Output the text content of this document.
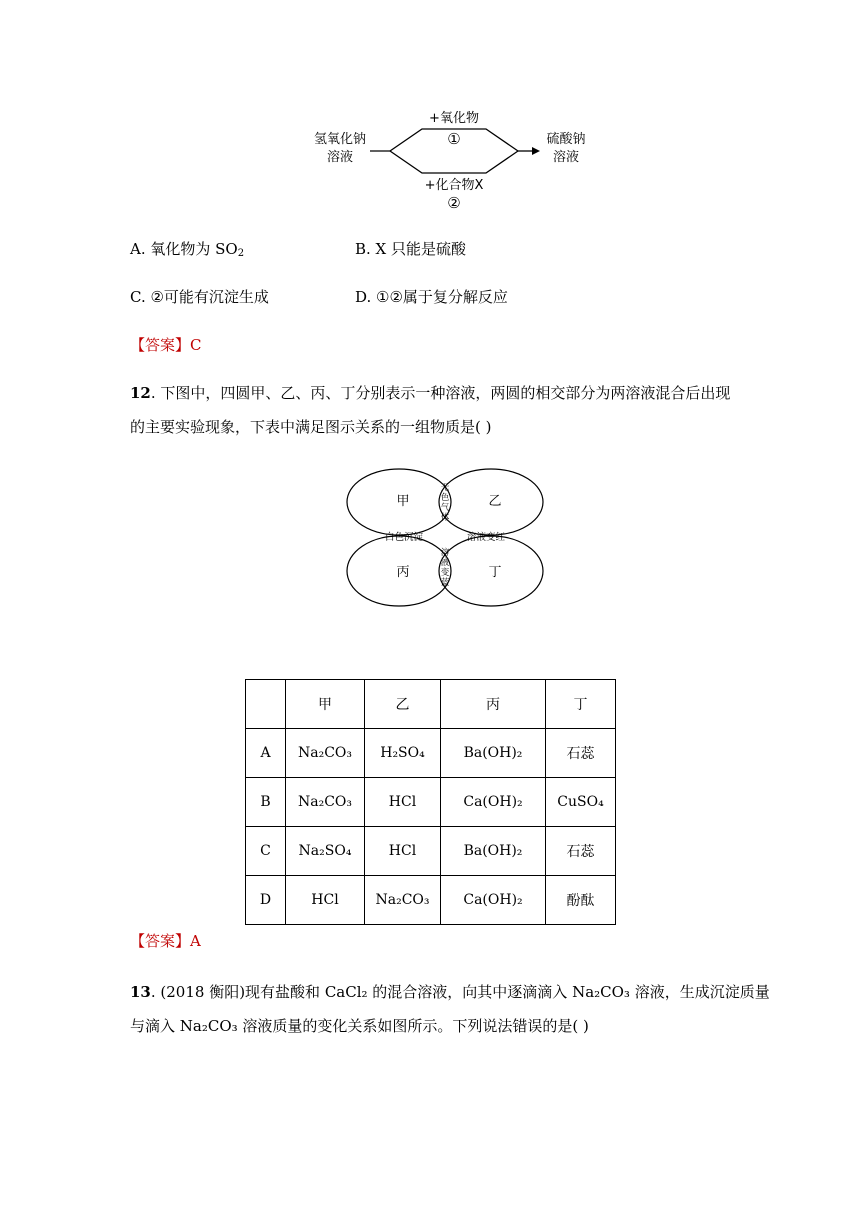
氢氧化钠
溶液
+氧化物
①
+化合物X
②
硫酸钠
溶液
A. 氧化物为 $SO_2$	B. X 只能是硫酸
C. ②可能有沉淀生成	D. ①②属于复分解反应
【答案】C
12. 下图中，四圆甲、乙、丙、丁分别表示一种溶液，两圆的相交部分为两溶液混合后出现
的主要实验现象，下表中满足图示关系的一组物质是( )
甲	乙
丙	丁
无
色
气
体
白色沉淀	溶液变红
溶
液
变
蓝
	甲	乙	丙	丁
A	Na₂CO₃	H₂SO₄	Ba(OH)₂	石蕊
B	Na₂CO₃	HCl	Ca(OH)₂	CuSO₄
C	Na₂SO₄	HCl	Ba(OH)₂	石蕊
D	HCl	Na₂CO₃	Ca(OH)₂	酚酞
【答案】A
13. (2018 衡阳)现有盐酸和 CaCl₂ 的混合溶液，向其中逐滴滴入 Na₂CO₃ 溶液，生成沉淀质量
与滴入 Na₂CO₃ 溶液质量的变化关系如图所示。下列说法错误的是( )
